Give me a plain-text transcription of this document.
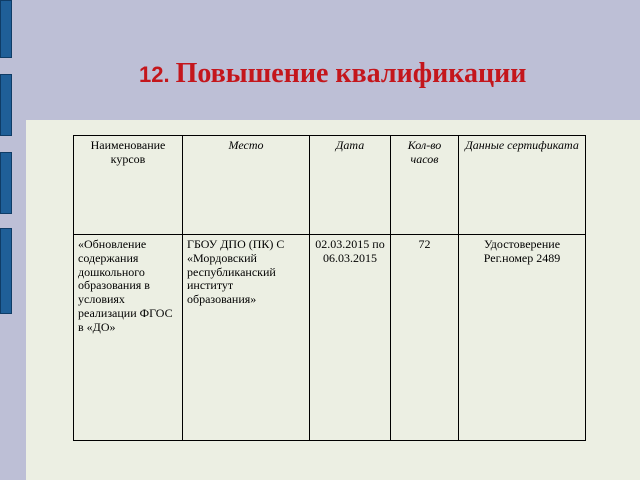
12. Повышение квалификации
Наименование курсов	Место	Дата	Кол-во часов	Данные сертификата
«Обновление содержания дошкольного образования в условиях реализации ФГОС в «ДО»	ГБОУ ДПО (ПК) С «Мордовский республиканский институт образования»	02.03.2015 по 06.03.2015	72	Удостоверение Рег.номер 2489
